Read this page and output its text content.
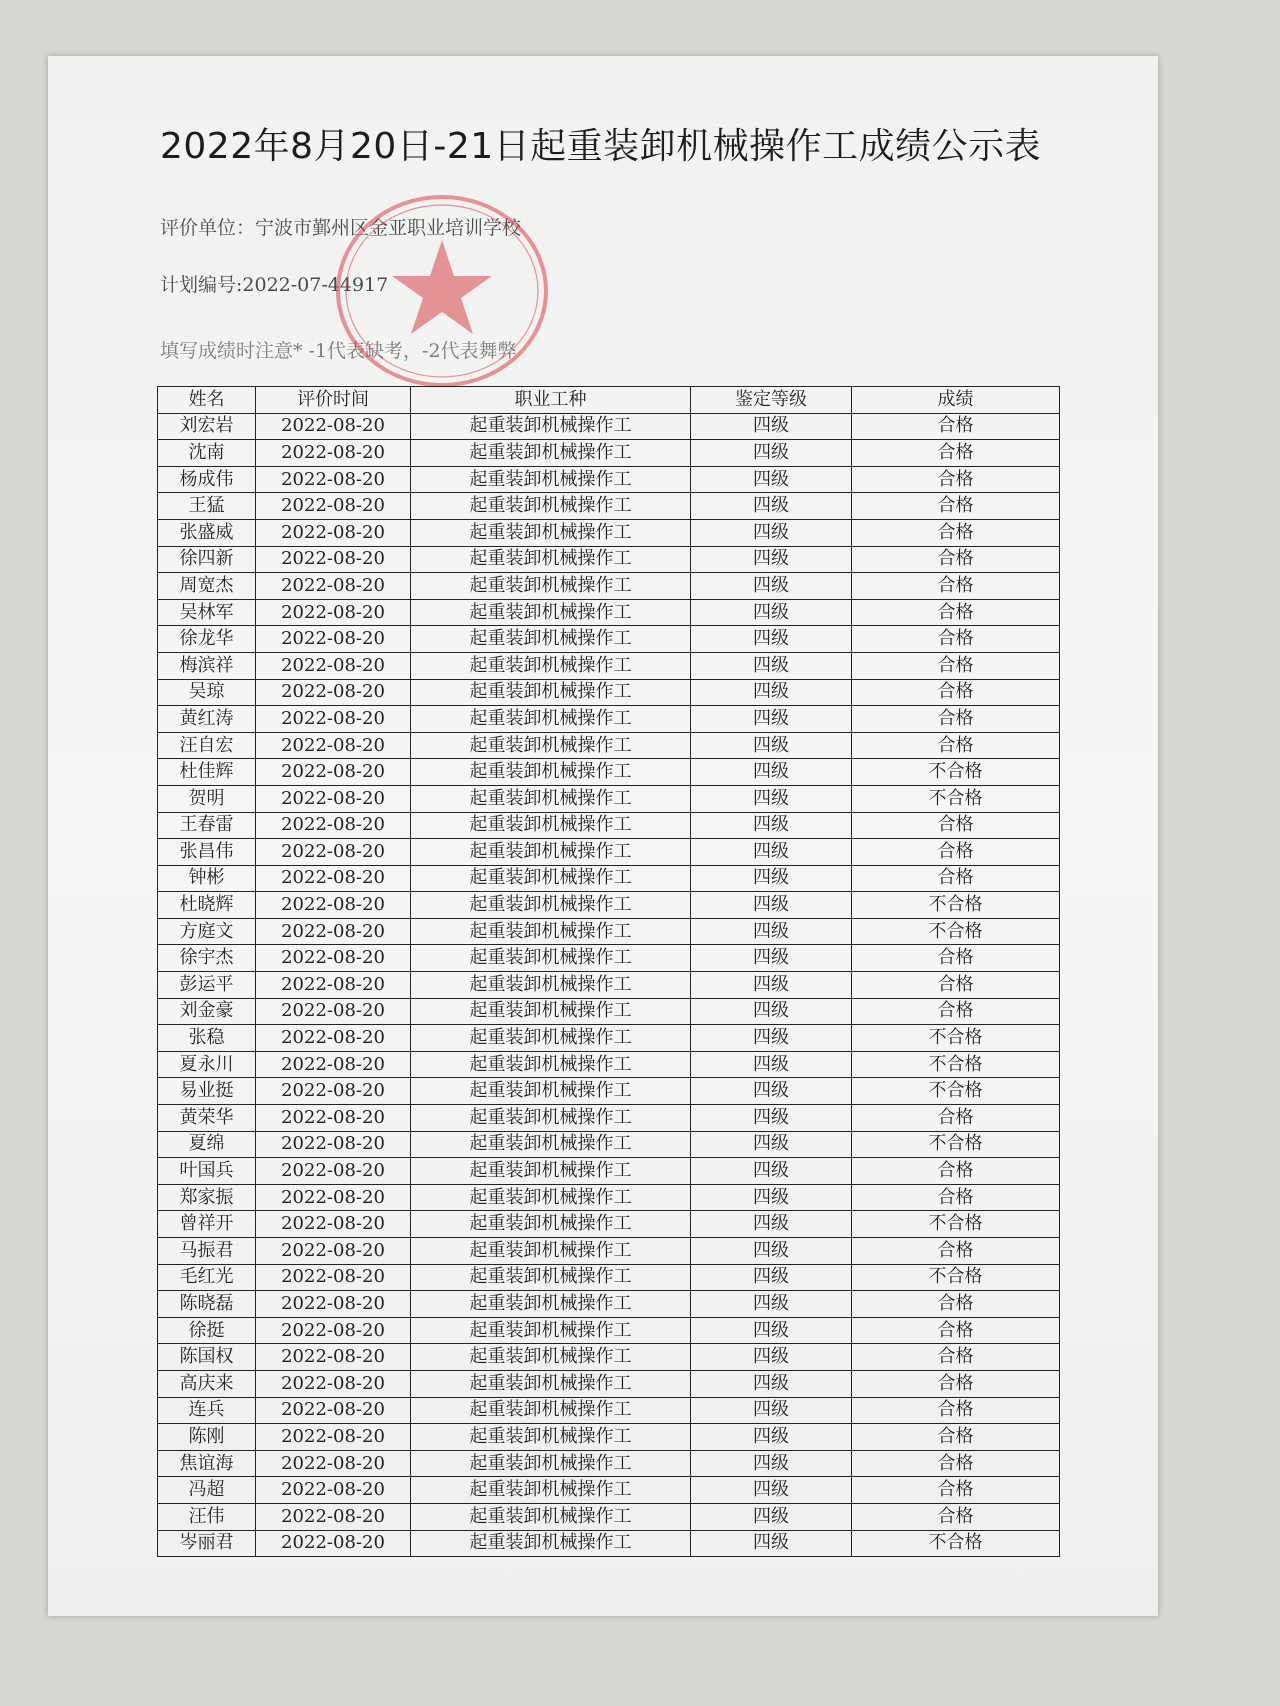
2022年8月20日-21日起重装卸机械操作工成绩公示表
评价单位：宁波市鄞州区金亚职业培训学校
计划编号:2022-07-44917
填写成绩时注意* -1代表缺考，-2代表舞弊
姓名	评价时间	职业工种	鉴定等级	成绩
刘宏岩	2022-08-20	起重装卸机械操作工	四级	合格
沈南	2022-08-20	起重装卸机械操作工	四级	合格
杨成伟	2022-08-20	起重装卸机械操作工	四级	合格
王猛	2022-08-20	起重装卸机械操作工	四级	合格
张盛威	2022-08-20	起重装卸机械操作工	四级	合格
徐四新	2022-08-20	起重装卸机械操作工	四级	合格
周宽杰	2022-08-20	起重装卸机械操作工	四级	合格
吴林军	2022-08-20	起重装卸机械操作工	四级	合格
徐龙华	2022-08-20	起重装卸机械操作工	四级	合格
梅滨祥	2022-08-20	起重装卸机械操作工	四级	合格
吴琼	2022-08-20	起重装卸机械操作工	四级	合格
黄红涛	2022-08-20	起重装卸机械操作工	四级	合格
汪自宏	2022-08-20	起重装卸机械操作工	四级	合格
杜佳辉	2022-08-20	起重装卸机械操作工	四级	不合格
贺明	2022-08-20	起重装卸机械操作工	四级	不合格
王春雷	2022-08-20	起重装卸机械操作工	四级	合格
张昌伟	2022-08-20	起重装卸机械操作工	四级	合格
钟彬	2022-08-20	起重装卸机械操作工	四级	合格
杜晓辉	2022-08-20	起重装卸机械操作工	四级	不合格
方庭文	2022-08-20	起重装卸机械操作工	四级	不合格
徐宇杰	2022-08-20	起重装卸机械操作工	四级	合格
彭运平	2022-08-20	起重装卸机械操作工	四级	合格
刘金豪	2022-08-20	起重装卸机械操作工	四级	合格
张稳	2022-08-20	起重装卸机械操作工	四级	不合格
夏永川	2022-08-20	起重装卸机械操作工	四级	不合格
易业挺	2022-08-20	起重装卸机械操作工	四级	不合格
黄荣华	2022-08-20	起重装卸机械操作工	四级	合格
夏绵	2022-08-20	起重装卸机械操作工	四级	不合格
叶国兵	2022-08-20	起重装卸机械操作工	四级	合格
郑家振	2022-08-20	起重装卸机械操作工	四级	合格
曾祥开	2022-08-20	起重装卸机械操作工	四级	不合格
马振君	2022-08-20	起重装卸机械操作工	四级	合格
毛红光	2022-08-20	起重装卸机械操作工	四级	不合格
陈晓磊	2022-08-20	起重装卸机械操作工	四级	合格
徐挺	2022-08-20	起重装卸机械操作工	四级	合格
陈国权	2022-08-20	起重装卸机械操作工	四级	合格
高庆来	2022-08-20	起重装卸机械操作工	四级	合格
连兵	2022-08-20	起重装卸机械操作工	四级	合格
陈刚	2022-08-20	起重装卸机械操作工	四级	合格
焦谊海	2022-08-20	起重装卸机械操作工	四级	合格
冯超	2022-08-20	起重装卸机械操作工	四级	合格
汪伟	2022-08-20	起重装卸机械操作工	四级	合格
岑丽君	2022-08-20	起重装卸机械操作工	四级	不合格
